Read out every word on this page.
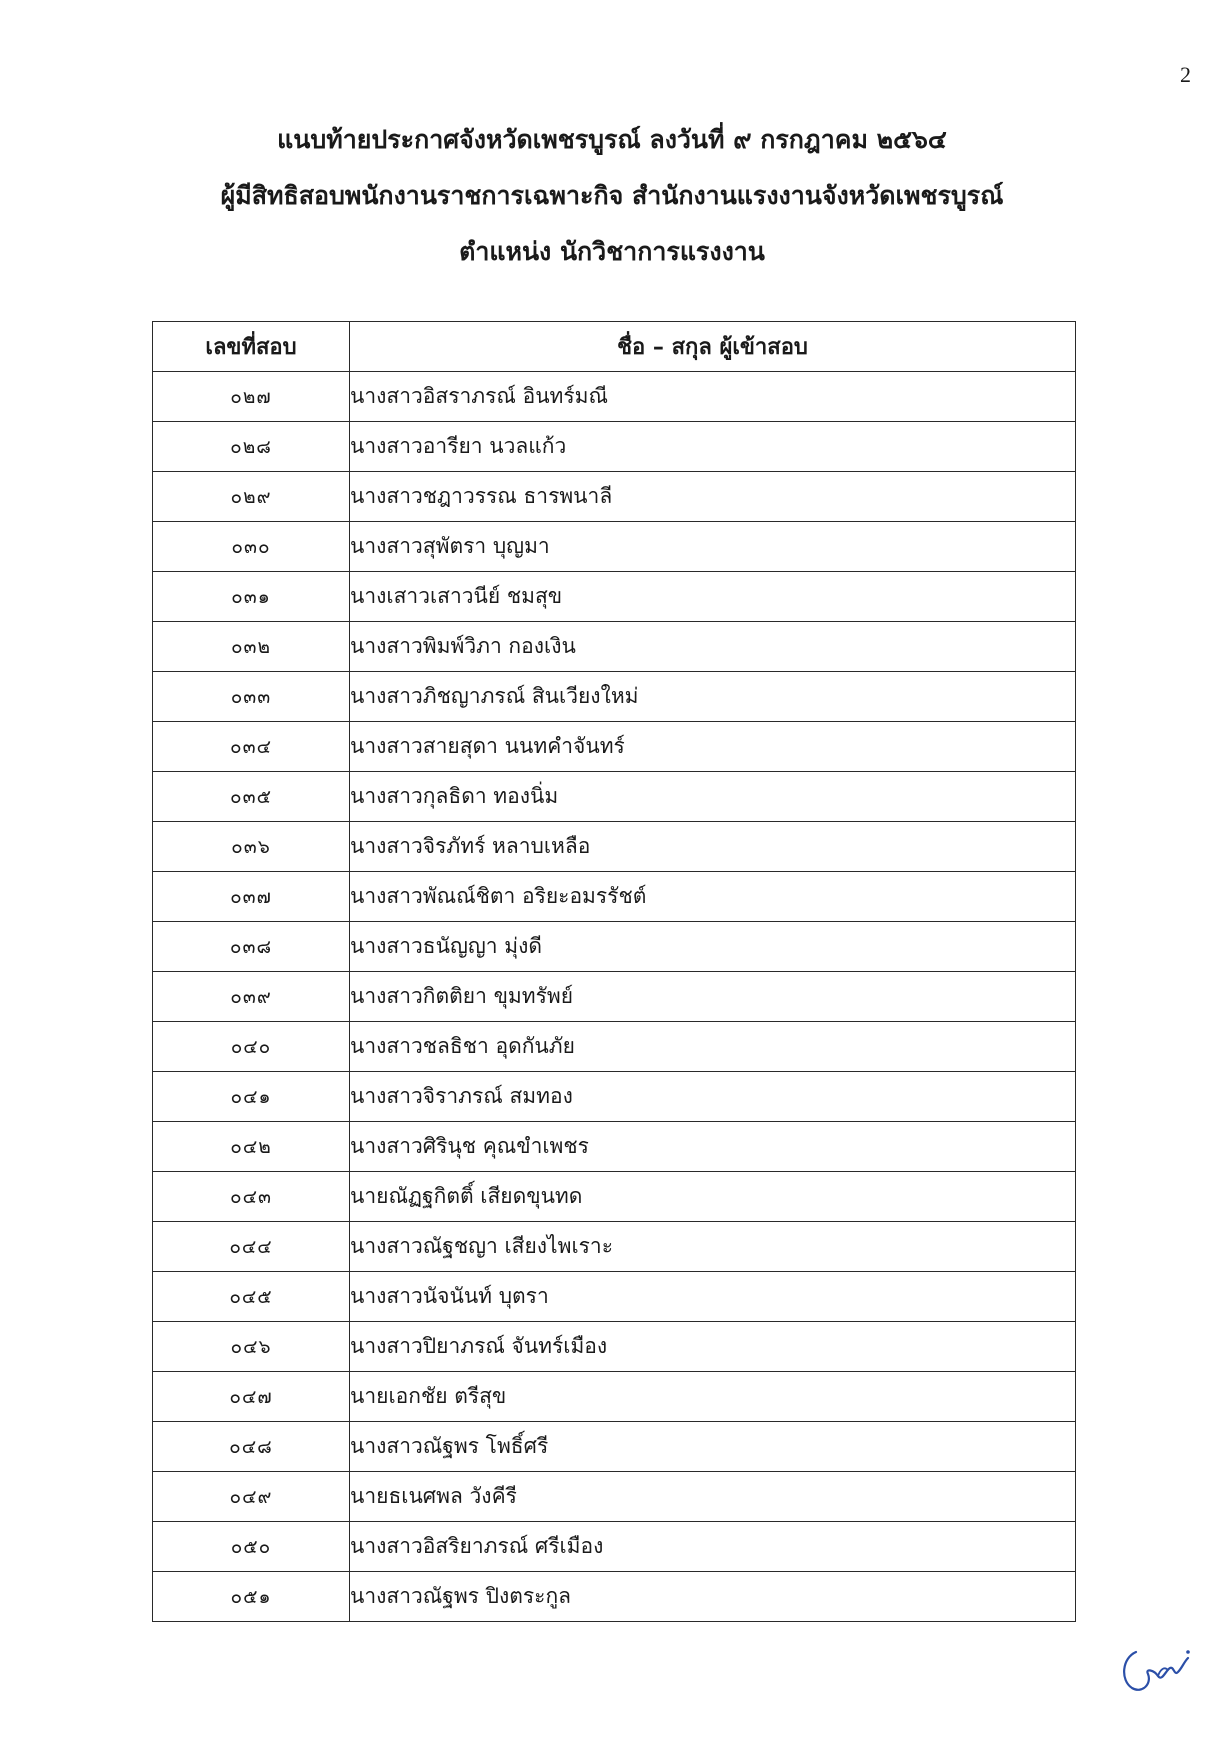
2
แนบท้ายประกาศจังหวัดเพชรบูรณ์ ลงวันที่ ๙ กรกฎาคม ๒๕๖๔
ผู้มีสิทธิสอบพนักงานราชการเฉพาะกิจ สำนักงานแรงงานจังหวัดเพชรบูรณ์
ตำแหน่ง นักวิชาการแรงงาน
เลขที่สอบ	ชื่อ – สกุล ผู้เข้าสอบ
๐๒๗	นางสาวอิสราภรณ์ อินทร์มณี
๐๒๘	นางสาวอารียา นวลแก้ว
๐๒๙	นางสาวชฎาวรรณ ธารพนาลี
๐๓๐	นางสาวสุพัตรา บุญมา
๐๓๑	นางเสาวเสาวนีย์ ชมสุข
๐๓๒	นางสาวพิมพ์วิภา กองเงิน
๐๓๓	นางสาวภิชญาภรณ์ สินเวียงใหม่
๐๓๔	นางสาวสายสุดา นนทคำจันทร์
๐๓๕	นางสาวกุลธิดา ทองนิ่ม
๐๓๖	นางสาวจิรภัทร์ หลาบเหลือ
๐๓๗	นางสาวพัณณ์ชิตา อริยะอมรรัชต์
๐๓๘	นางสาวธนัญญา มุ่งดี
๐๓๙	นางสาวกิตติยา ขุมทรัพย์
๐๔๐	นางสาวชลธิชา อุดกันภัย
๐๔๑	นางสาวจิราภรณ์ สมทอง
๐๔๒	นางสาวศิรินุช คุณขำเพชร
๐๔๓	นายณัฏฐกิตติ์ เสียดขุนทด
๐๔๔	นางสาวณัฐชญา เสียงไพเราะ
๐๔๕	นางสาวนัจนันท์ บุตรา
๐๔๖	นางสาวปิยาภรณ์ จันทร์เมือง
๐๔๗	นายเอกชัย ตรีสุข
๐๔๘	นางสาวณัฐพร โพธิ์ศรี
๐๔๙	นายธเนศพล วังคีรี
๐๕๐	นางสาวอิสริยาภรณ์ ศรีเมือง
๐๕๑	นางสาวณัฐพร ปิงตระกูล
